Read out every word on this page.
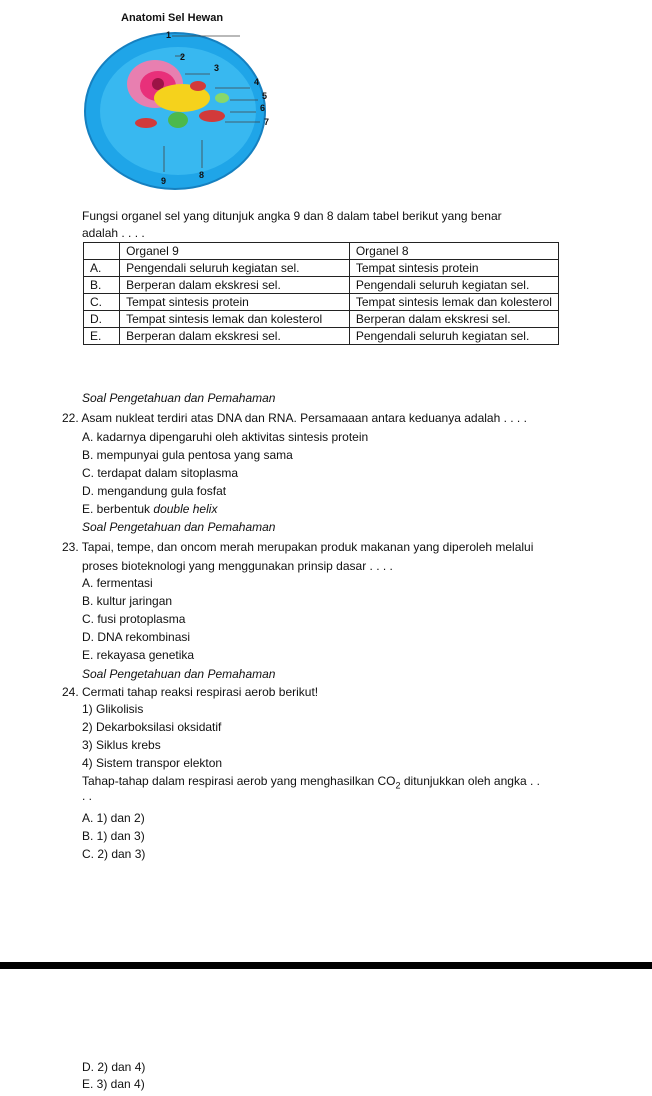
Anatomi Sel Hewan
1
2
3
4
5
6
7
9
8
Fungsi organel sel yang ditunjuk angka 9 dan 8 dalam tabel berikut yang benar
adalah . . . .
	Organel 9	Organel 8
A.	Pengendali seluruh kegiatan sel.	Tempat sintesis protein
B.	Berperan dalam ekskresi sel.	Pengendali seluruh kegiatan sel.
C.	Tempat sintesis protein	Tempat sintesis lemak dan kolesterol
D.	Tempat sintesis lemak dan kolesterol	Berperan dalam ekskresi sel.
E.	Berperan dalam ekskresi sel.	Pengendali seluruh kegiatan sel.
Soal Pengetahuan dan Pemahaman
22. Asam nukleat terdiri atas DNA dan RNA. Persamaaan antara keduanya adalah . . . .
A. kadarnya dipengaruhi oleh aktivitas sintesis protein
B. mempunyai gula pentosa yang sama
C. terdapat dalam sitoplasma
D. mengandung gula fosfat
E. berbentuk double helix
Soal Pengetahuan dan Pemahaman
23. Tapai, tempe, dan oncom merah merupakan produk makanan yang diperoleh melalui
proses bioteknologi yang menggunakan prinsip dasar . . . .
A. fermentasi
B. kultur jaringan
C. fusi protoplasma
D. DNA rekombinasi
E. rekayasa genetika
Soal Pengetahuan dan Pemahaman
24. Cermati tahap reaksi respirasi aerob berikut!
1) Glikolisis
2) Dekarboksilasi oksidatif
3) Siklus krebs
4) Sistem transpor elekton
Tahap-tahap dalam respirasi aerob yang menghasilkan $CO_2$ ditunjukkan oleh angka . .
. .
A. 1) dan 2)
B. 1) dan 3)
C. 2) dan 3)
D. 2) dan 4)
E. 3) dan 4)
